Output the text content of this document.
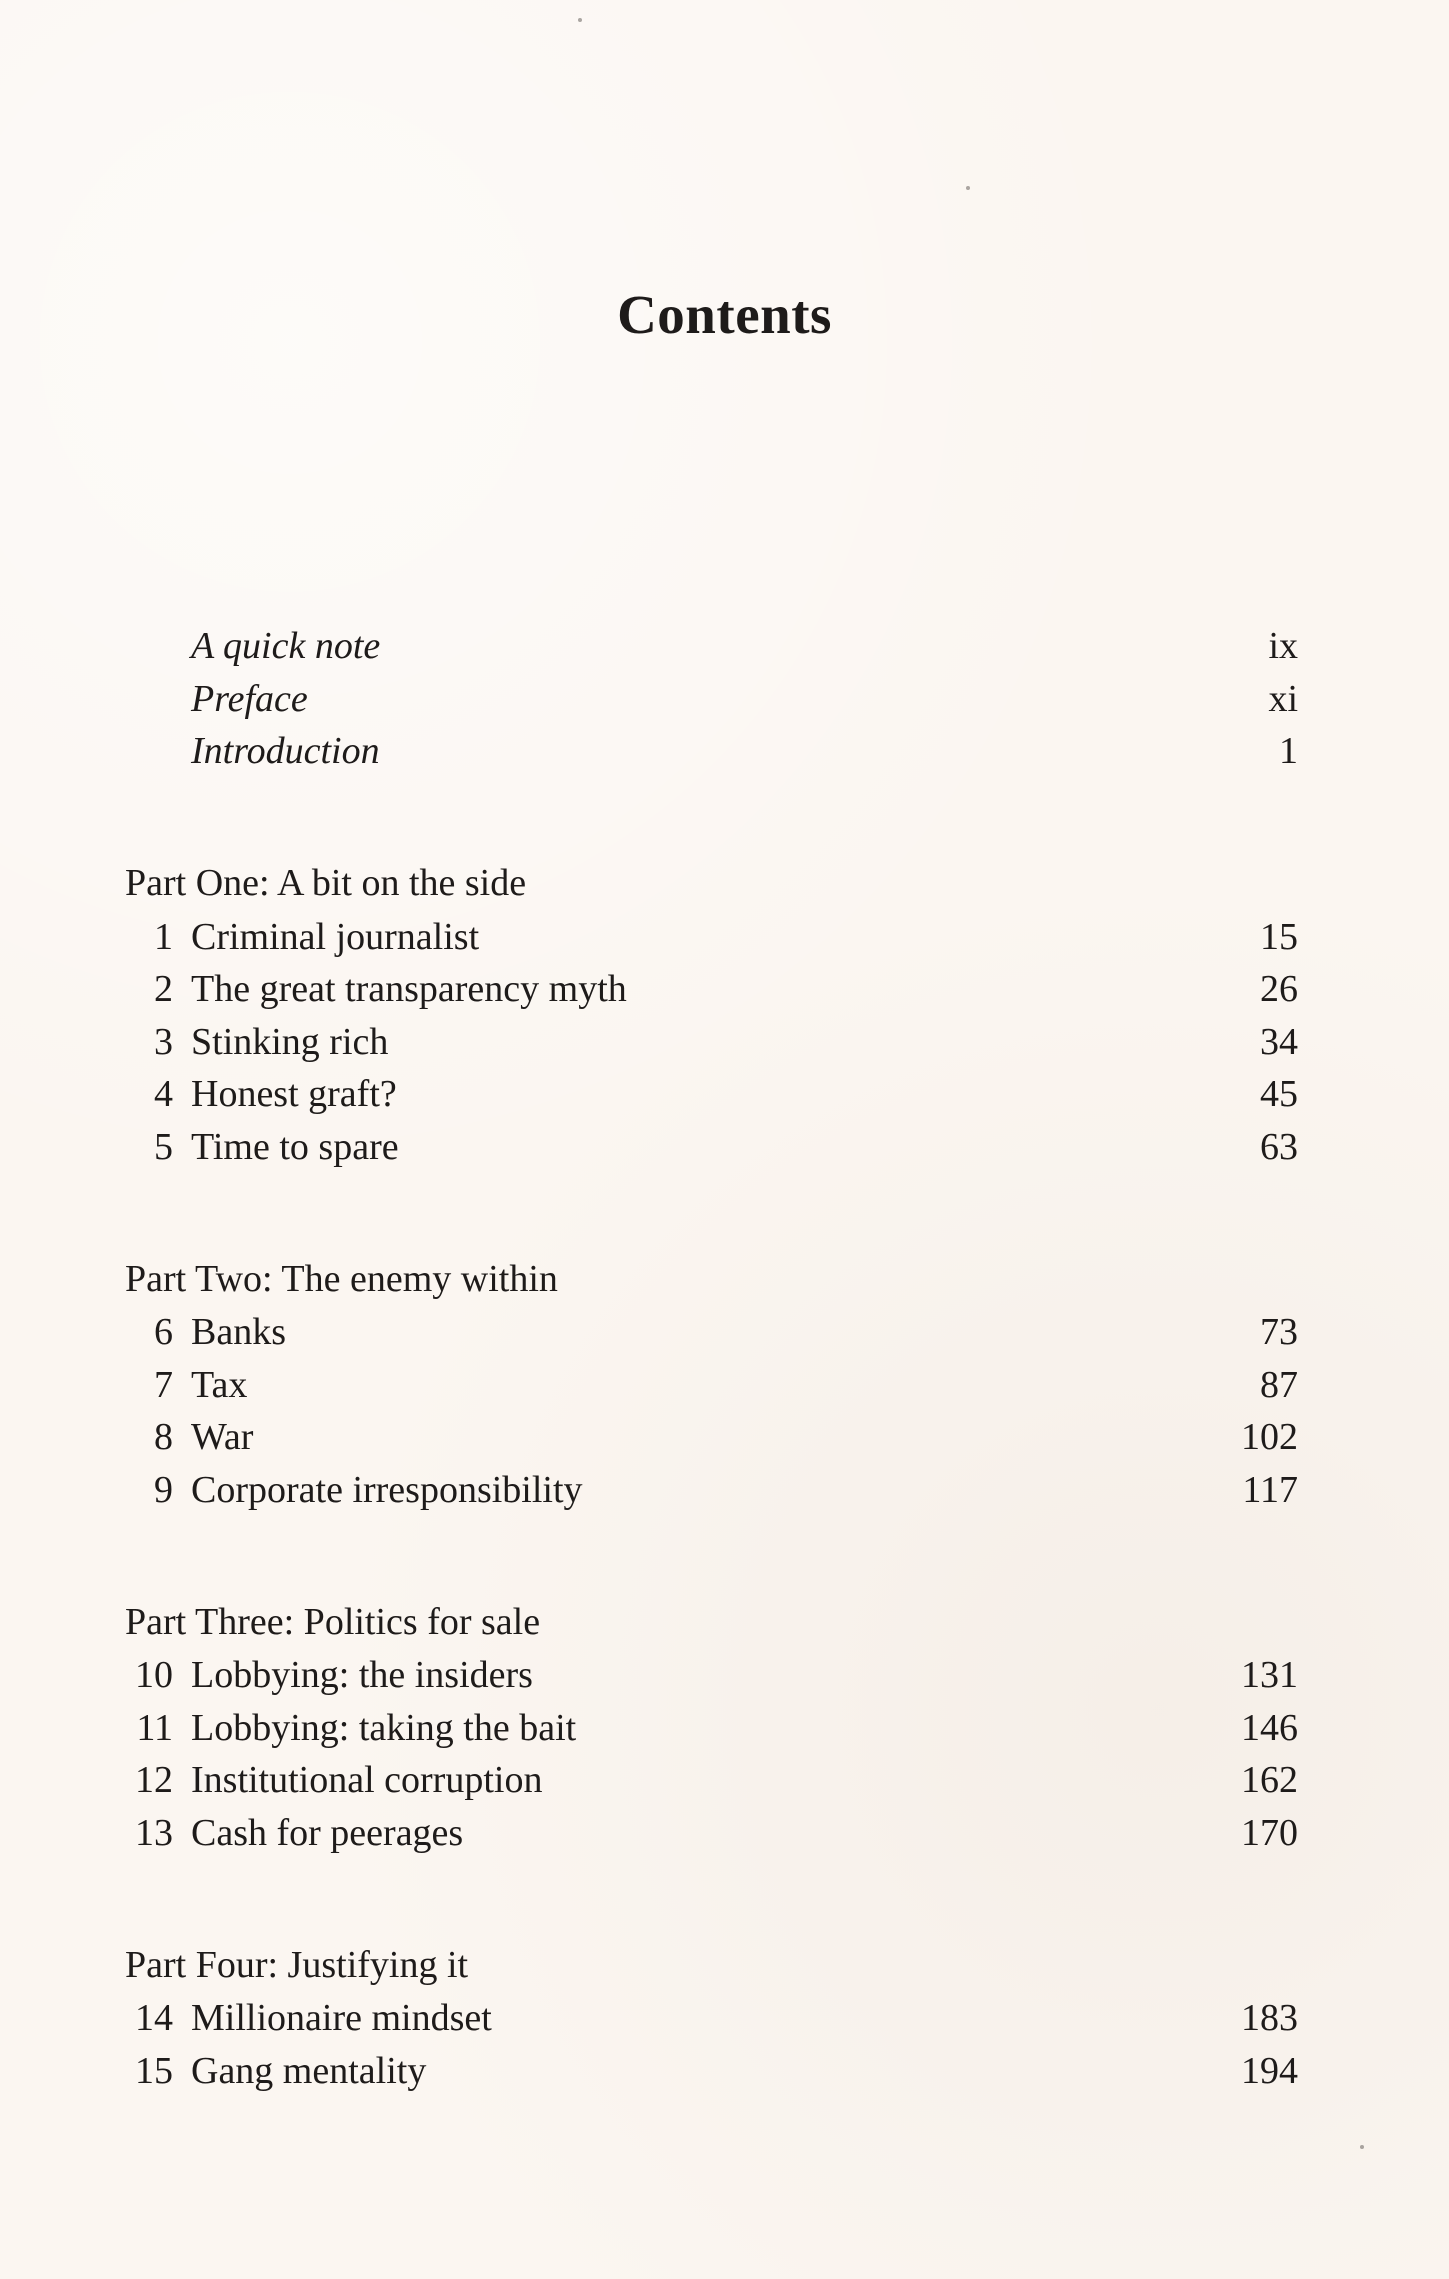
Contents
A quick note	ix
Preface	xi
Introduction	1
Part One: A bit on the side
1 Criminal journalist	15
2 The great transparency myth	26
3 Stinking rich	34
4 Honest graft?	45
5 Time to spare	63
Part Two: The enemy within
6 Banks	73
7 Tax	87
8 War	102
9 Corporate irresponsibility	117
Part Three: Politics for sale
10 Lobbying: the insiders	131
11 Lobbying: taking the bait	146
12 Institutional corruption	162
13 Cash for peerages	170
Part Four: Justifying it
14 Millionaire mindset	183
15 Gang mentality	194
